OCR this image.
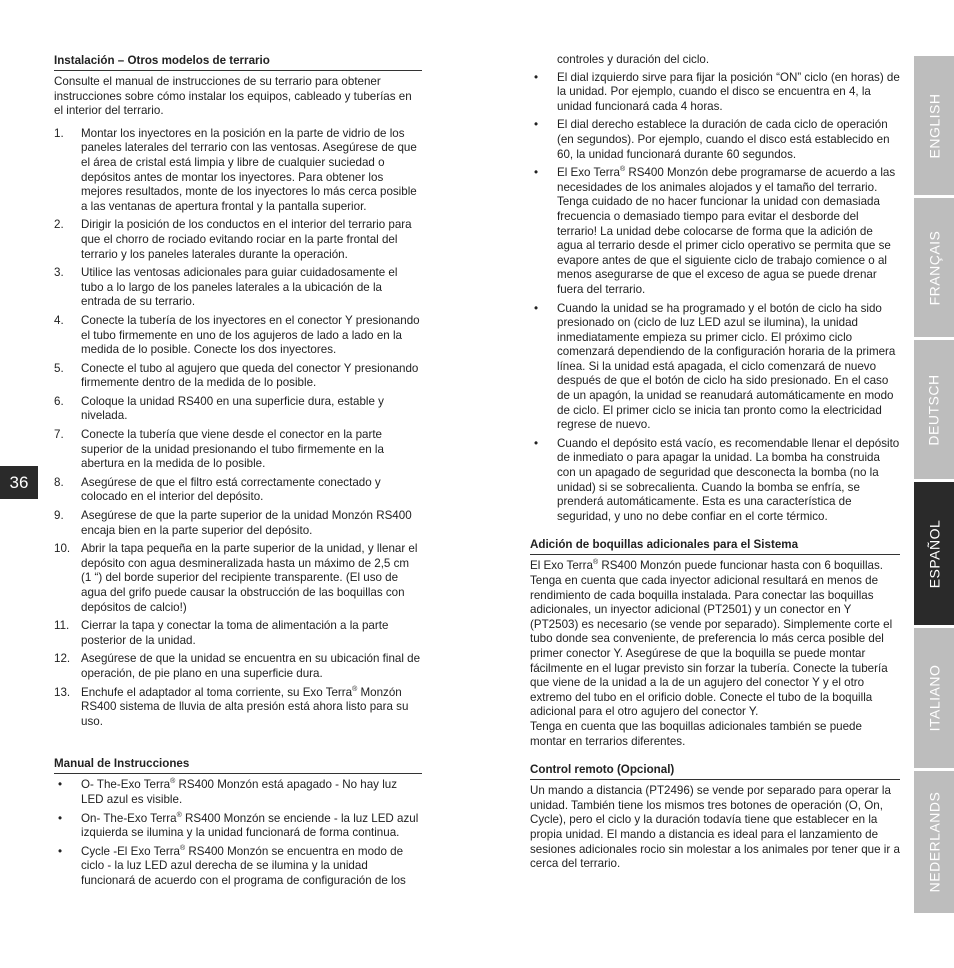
Instalación – Otros modelos de terrario

Consulte el manual de instrucciones de su terrario para obtener instrucciones sobre cómo instalar los equipos, cableado y tuberías en el interior del terrario.

1.	Montar los inyectores en la posición en la parte de vidrio de los paneles laterales del terrario con las ventosas. Asegúrese de que el área de cristal está limpia y libre de cualquier suciedad o depósitos antes de montar los inyectores. Para obtener los mejores resultados, monte de los inyectores lo más cerca posible a las ventanas de apertura frontal y la pantalla superior.
2.	Dirigir la posición de los conductos en el interior del terrario para que el chorro de rociado evitando rociar en la parte frontal del terrario y los paneles laterales durante la operación.
3.	Utilice las ventosas adicionales para guiar cuidadosamente el tubo a lo largo de los paneles laterales a la ubicación de la entrada de su terrario.
4.	Conecte la tubería de los inyectores en el conector Y presionando el tubo firmemente en uno de los agujeros de lado a lado en la medida de lo posible. Conecte los dos inyectores.
5.	Conecte el tubo al agujero que queda del conector Y presionando firmemente dentro de la medida de lo posible.
6.	Coloque la unidad RS400 en una superficie dura, estable y nivelada.
7.	Conecte la tubería que viene desde el conector en la parte superior de la unidad presionando el tubo firmemente en la abertura en la medida de lo posible.
8.	Asegúrese de que el filtro está correctamente conectado y colocado en el interior del depósito.
9.	Asegúrese de que la parte superior de la unidad Monzón RS400 encaja bien en la parte superior del depósito.
10. Abrir la tapa pequeña en la parte superior de la unidad, y llenar el depósito con agua desmineralizada hasta un máximo de 2,5 cm (1 “) del borde superior del recipiente transparente. (El uso de agua del grifo puede causar la obstrucción de las boquillas con depósitos de calcio!)
11.	Cierrar la tapa y conectar la toma de alimentación a la parte posterior de la unidad.
12. Asegúrese de que la unidad se encuentra en su ubicación final de operación, de pie plano en una superficie dura.
13. Enchufe el adaptador al toma corriente, su Exo Terra® Monzón RS400 sistema de lluvia de alta presión está ahora listo para su uso.
Manual de Instrucciones
•	O- The-Exo Terra® RS400 Monzón está apagado - No hay luz LED azul es visible.
•	On- The-Exo Terra® RS400 Monzón se enciende - la luz LED azul izquierda se ilumina y la unidad funcionará de forma continua.
•	Cycle -El Exo Terra® RS400 Monzón se encuentra en modo de ciclo - la luz LED azul derecha de se ilumina y la unidad funcionará de acuerdo con el programa de configuración de los

controles y duración del ciclo.

•	El dial izquierdo sirve para fijar la posición “ON” ciclo (en horas) de la unidad. Por ejemplo, cuando el disco se encuentra en 4, la unidad funcionará cada 4 horas.
•	El dial derecho establece la duración de cada ciclo de operación (en segundos). Por ejemplo, cuando el disco está establecido en 60, la unidad funcionará durante 60 segundos.
•	El Exo Terra® RS400 Monzón debe programarse de acuerdo a las necesidades de los animales alojados y el tamaño del terrario. Tenga cuidado de no hacer funcionar la unidad con demasiada frecuencia o demasiado tiempo para evitar el desborde del terrario! La unidad debe colocarse de forma que la adición de agua al terrario desde el primer ciclo operativo se permita que se evapore antes de que el siguiente ciclo de trabajo comience o al menos asegurarse de que el exceso de agua se puede drenar fuera del terrario.
•	Cuando la unidad se ha programado y el botón de ciclo ha sido presionado on (ciclo de luz LED azul se ilumina), la unidad inmediatamente empieza su primer ciclo. El próximo ciclo comenzará dependiendo de la configuración horaria de la primera línea. Si la unidad está apagada, el ciclo comenzará de nuevo después de que el botón de ciclo ha sido presionado. En el caso de un apagón, la unidad se reanudará automáticamente en modo de ciclo. El primer ciclo se inicia tan pronto como la electricidad regrese de nuevo.
•	Cuando el depósito está vacío, es recomendable llenar el depósito de inmediato o para apagar la unidad. La bomba ha construida con un apagado de seguridad que desconecta la bomba (no la unidad) si se sobrecalienta. Cuando la bomba se enfría, se prenderá automáticamente. Esta es una característica de seguridad, y uno no debe confiar en el corte térmico.
Adición de boquillas adicionales para el Sistema

El Exo Terra® RS400 Monzón puede funcionar hasta con 6 boquillas. Tenga en cuenta que cada inyector adicional resultará en menos de rendimiento de cada boquilla instalada. Para conectar las boquillas adicionales, un inyector adicional (PT2501) y un conector en Y (PT2503) es necesario (se vende por separado). Simplemente corte el tubo donde sea conveniente, de preferencia lo más cerca posible del primer conector Y. Asegúrese de que la boquilla se puede montar fácilmente en el lugar previsto sin forzar la tubería. Conecte la tubería que viene de la unidad a la de un agujero del conector Y y el otro extremo del tubo en el orificio doble. Conecte el tubo de la boquilla adicional para el otro agujero del conector Y.

Tenga en cuenta que las boquillas adicionales también se puede montar en terrarios diferentes.

Control remoto (Opcional)

Un mando a distancia (PT2496) se vende por separado para operar la unidad. También tiene los mismos tres botones de operación (O, On, Cycle), pero el ciclo y la duración todavía tiene que establecer en la propia unidad. El mando a distancia es ideal para el lanzamiento de sesiones adicionales rocio sin molestar a los animales por tener que ir a cerca del terrario.

36
ENGLISH
FRANÇAIS
DEUTSCH
ESPAÑOL
ITALIANO
NEDERLANDS
